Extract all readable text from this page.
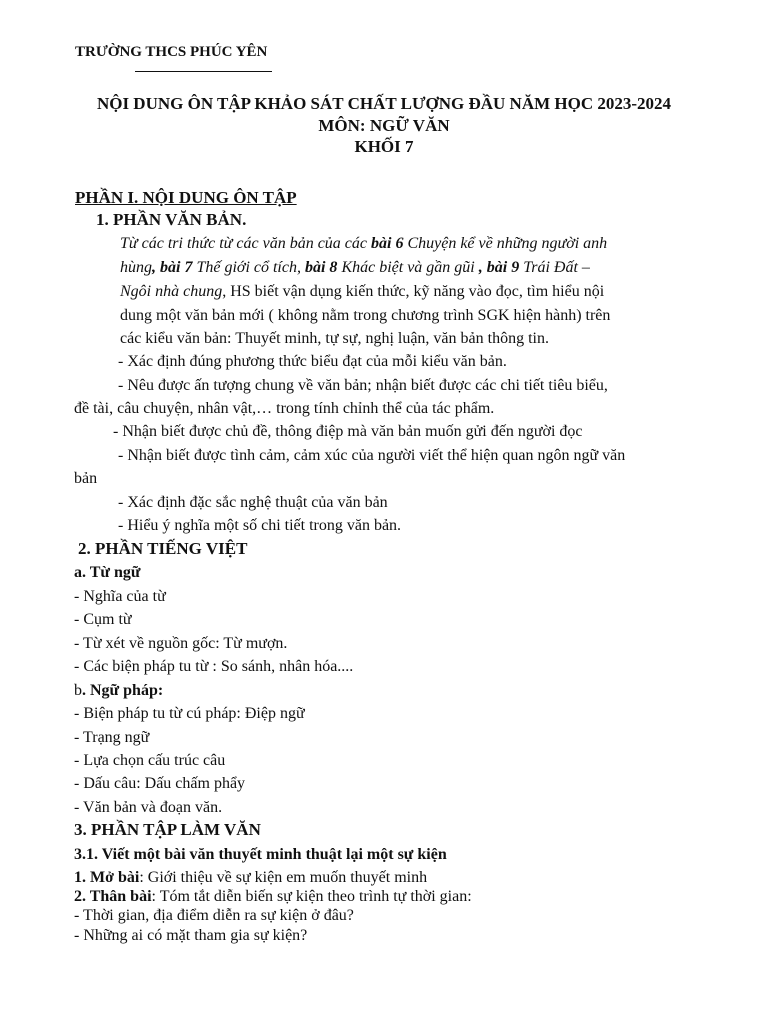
TRƯỜNG THCS PHÚC YÊN
NỘI DUNG ÔN TẬP KHẢO SÁT CHẤT LƯỢNG ĐẦU NĂM HỌC 2023-2024
MÔN: NGỮ VĂN
KHỐI 7
PHẦN I. NỘI DUNG ÔN TẬP
1. PHẦN VĂN BẢN.
Từ các tri thức từ các văn bản của các bài 6 Chuyện kể về những người anh
hùng, bài 7 Thế giới cổ tích, bài 8 Khác biệt và gần gũi , bài 9 Trái Đất –
Ngôi nhà chung, HS biết vận dụng kiến thức, kỹ năng vào đọc, tìm hiểu nội
dung một văn bản mới ( không nằm trong chương trình SGK hiện hành) trên
các kiểu văn bản: Thuyết minh, tự sự, nghị luận, văn bản thông tin.
- Xác định đúng phương thức biểu đạt của mỗi kiểu văn bản.
- Nêu được ấn tượng chung về văn bản; nhận biết được các chi tiết tiêu biểu,
đề tài, câu chuyện, nhân vật,… trong tính chỉnh thể của tác phẩm.
- Nhận biết được chủ đề, thông điệp mà văn bản muốn gửi đến người đọc
- Nhận biết được tình cảm, cảm xúc của người viết thể hiện quan ngôn ngữ văn
bản
- Xác định đặc sắc nghệ thuật của văn bản
- Hiểu ý nghĩa một số chi tiết trong văn bản.
2. PHẦN TIẾNG VIỆT
a. Từ ngữ
- Nghĩa của từ
- Cụm từ
- Từ xét về nguồn gốc: Từ mượn.
- Các biện pháp tu từ : So sánh, nhân hóa....
b. Ngữ pháp:
- Biện pháp tu từ cú pháp: Điệp ngữ
- Trạng ngữ
- Lựa chọn cấu trúc câu
- Dấu câu: Dấu chấm phẩy
- Văn bản và đoạn văn.
3. PHẦN TẬP LÀM VĂN
3.1. Viết một bài văn thuyết minh thuật lại một sự kiện
1. Mở bài: Giới thiệu về sự kiện em muốn thuyết minh
2. Thân bài: Tóm tắt diễn biến sự kiện theo trình tự thời gian:
- Thời gian, địa điểm diễn ra sự kiện ở đâu?
- Những ai có mặt tham gia sự kiện?
